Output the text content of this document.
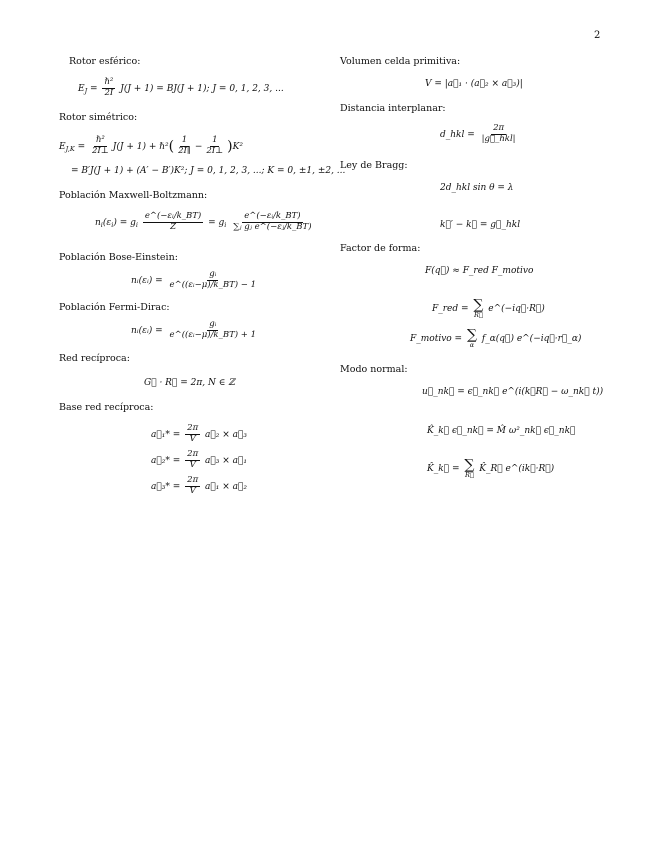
2
Rotor esférico:
$E_J = \frac{\text{ℏ²}}{2I} J(J + 1) = BJ(J + 1)$; J = 0, 1, 2, 3, ...
Rotor simétrico:
$E_{J,K} = \frac{\text{ℏ²}}{2I\perp} J(J + 1)$ + ℏ²( $\frac{1}{2I\parallel} - \frac{1}{2I\perp} )K^2$
= B′J(J + 1) + (A′ − B′)K²; J = 0, 1, 2, 3, ...; K = 0, ±1, ±2, ...
Población Maxwell-Boltzmann:
$n_i(\varepsilon_i) = g_i \frac{\text{e\textasciicircum{}(−εᵢ/k\_BT)}}{Z} = g_i \frac{\text{e\textasciicircum{}(−εᵢ/k\_BT)}}{\text{∑ⱼ gⱼ e\textasciicircum{}(−εⱼ/k\_BT)}}$
Población Bose-Einstein:
nᵢ(εᵢ) = $\frac{\text{gᵢ}}{\text{e\textasciicircum{}((εᵢ−μ)/k\_BT) − 1}}$
Población Fermi-Dirac:
nᵢ(εᵢ) = $\frac{\text{gᵢ}}{\text{e\textasciicircum{}((εᵢ−μ)/k\_BT) + 1}}$
Red recíproca:
G⃗ · R⃗ = 2π, N ∈ ℤ
Base red recíproca:
a⃗₁* = $\frac{2\pi}{V}$ a⃗₂ × a⃗₃
a⃗₂* = $\frac{2\pi}{V}$ a⃗₃ × a⃗₁
a⃗₃* = $\frac{2\pi}{V}$ a⃗₁ × a⃗₂
Volumen celda primitiva:
V = |a⃗₁ · (a⃗₂ × a⃗₃)|
Distancia interplanar:
d_hkl = $\frac{2\pi}{\text{|g⃗\_hkl|}}$
Ley de Bragg:
2d_hkl sin θ = λ
k⃗′ − k⃗ = g⃗_hkl
Factor de forma:
F(q⃗) ≈ F_red F_motivo
F_red = ∑
R⃗
e^(−iq⃗·R⃗)
F_motivo = ∑
α
f_α(q⃗) e^(−iq⃗·r⃗_α)
Modo normal:
u⃗_nk⃗ = ϵ⃗_nk⃗ e^(i(k⃗R⃗ − ω_nk⃗ t))
K̂_k⃗ ϵ⃗_nk⃗ = M̂ ω²_nk⃗ ϵ⃗_nk⃗
K̂_k⃗ = ∑
R⃗
K̂_R⃗ e^(ik⃗·R⃗)
